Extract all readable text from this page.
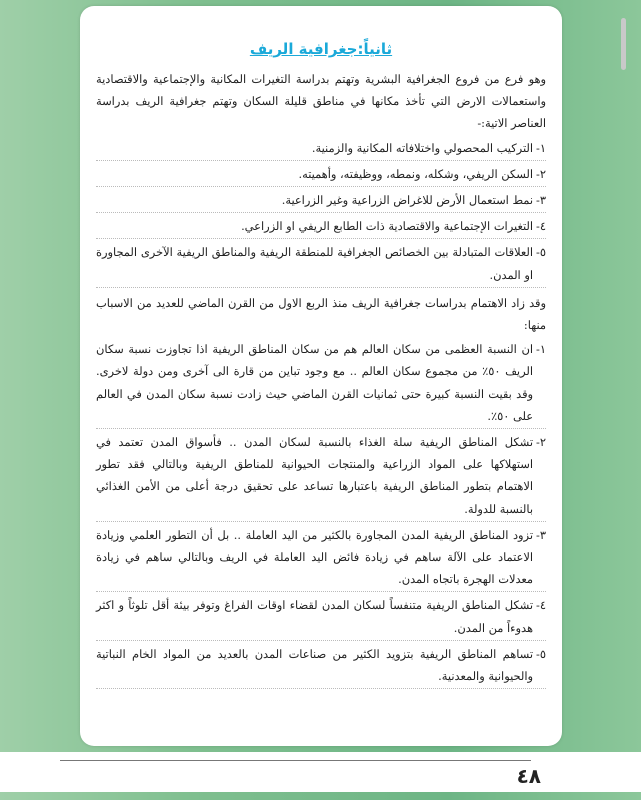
ثانياً:جغرافية الريف

وهو فرع من فروع الجغرافية البشرية وتهتم بدراسة التغيرات المكانية والإجتماعية والاقتصادية واستعمالات الارض التي تأخذ مكانها في مناطق قليلة السكان وتهتم جغرافية الريف بدراسة العناصر الاتية:-

١-
التركيب المحصولي واختلافاته المكانية والزمنية.
٢-
السكن الريفي، وشكله، ونمطه، ووظيفته، وأهميته.
٣-
نمط استعمال الأرض للاغراض الزراعية وغير الزراعية.
٤-
التغيرات الإجتماعية والاقتصادية ذات الطابع الريفي او الزراعي.
٥-
العلاقات المتبادلة بين الخصائص الجغرافية للمنطقة الريفية والمناطق الريفية الآخرى المجاورة او المدن.

وقد زاد الاهتمام بدراسات جغرافية الريف منذ الربع الاول من القرن الماضي للعديد من الاسباب منها:

١-
ان النسبة العظمى من سكان العالم هم من سكان المناطق الريفية اذا تجاوزت نسبة سكان الريف ٥٠٪ من مجموع سكان العالم .. مع وجود تباين من قارة الى آخرى ومن دولة لاخرى. وقد بقيت النسبة كبيرة حتى ثمانيات القرن الماضي حيث زادت نسبة سكان المدن في العالم على ٥٠٪.
٢-
تشكل المناطق الريفية سلة الغذاء بالنسبة لسكان المدن .. فأسواق المدن تعتمد في استهلاكها على المواد الزراعية والمنتجات الحيوانية للمناطق الريفية وبالتالي فقد تطور الاهتمام بتطور المناطق الريفية باعتبارها تساعد على تحقيق درجة أعلى من الأمن الغذائي بالنسبة للدولة.
٣-
تزود المناطق الريفية المدن المجاورة بالكثير من اليد العاملة .. بل أن التطور العلمي وزيادة الاعتماد على الآلة ساهم في زيادة فائض اليد العاملة في الريف وبالتالي ساهم في زيادة معدلات الهجرة باتجاه المدن.
٤-
تشكل المناطق الريفية متنفساً لسكان المدن لقضاء اوقات الفراغ وتوفر بيئة أقل تلوثاً و اكثر هدوءاً من المدن.
٥-
تساهم المناطق الريفية بتزويد الكثير من صناعات المدن بالعديد من المواد الخام النباتية والحيوانية والمعدنية.
٤٨
